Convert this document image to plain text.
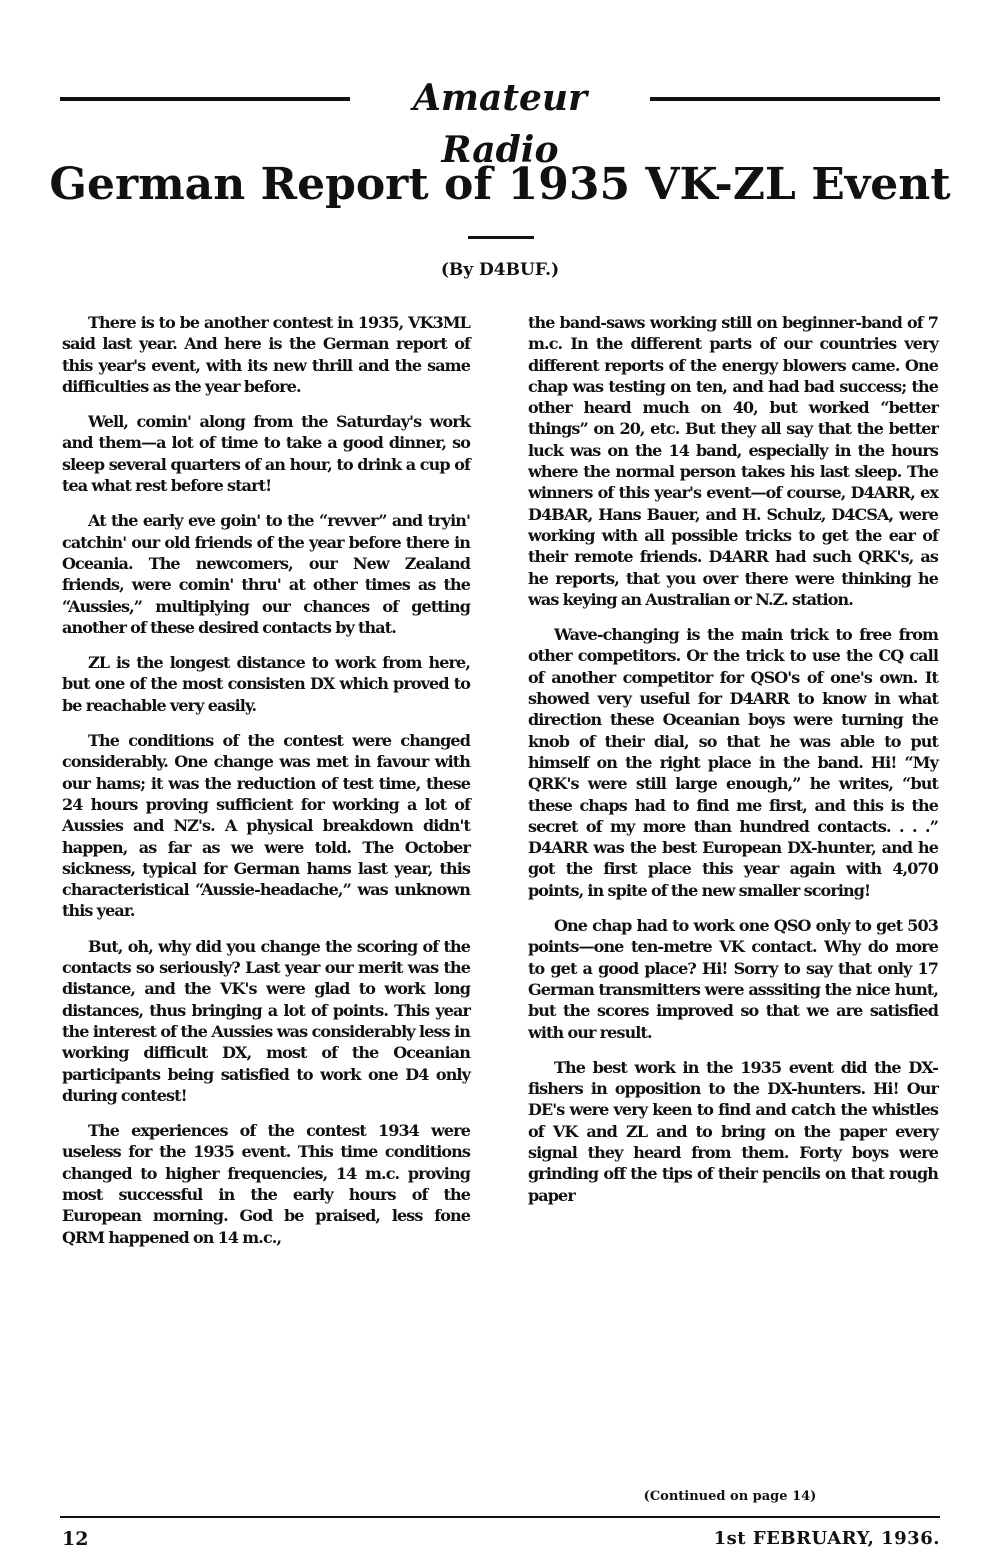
Amateur Radio
German Report of 1935 VK-ZL Event
(By D4BUF.)

There is to be another contest in 1935, VK3ML said last year. And here is the German report of this year's event, with its new thrill and the same difficulties as the year before.

Well, comin' along from the Saturday's work and them—a lot of time to take a good dinner, so sleep several quarters of an hour, to drink a cup of tea what rest before start!

At the early eve goin' to the “revver” and tryin' catchin' our old friends of the year before there in Oceania. The newcomers, our New Zealand friends, were comin' thru' at other times as the “Aussies,” multiplying our chances of getting another of these desired contacts by that.

ZL is the longest distance to work from here, but one of the most consisten DX which proved to be reachable very easily.

The conditions of the contest were changed considerably. One change was met in favour with our hams; it was the reduction of test time, these 24 hours proving sufficient for working a lot of Aussies and NZ's. A physical breakdown didn't happen, as far as we were told. The October sickness, typical for German hams last year, this characteristical “Aussie-headache,” was unknown this year.

But, oh, why did you change the scoring of the contacts so seriously? Last year our merit was the distance, and the VK's were glad to work long distances, thus bringing a lot of points. This year the interest of the Aussies was considerably less in working difficult DX, most of the Oceanian participants being satisfied to work one D4 only during contest!

The experiences of the contest 1934 were useless for the 1935 event. This time conditions changed to higher frequencies, 14 m.c. proving most successful in the early hours of the European morning. God be praised, less fone QRM happened on 14 m.c.,

the band-saws working still on beginner-band of 7 m.c. In the different parts of our countries very different reports of the energy blowers came. One chap was testing on ten, and had bad success; the other heard much on 40, but worked “better things” on 20, etc. But they all say that the better luck was on the 14 band, especially in the hours where the normal person takes his last sleep. The winners of this year's event—of course, D4ARR, ex D4BAR, Hans Bauer, and H. Schulz, D4CSA, were working with all possible tricks to get the ear of their remote friends. D4ARR had such QRK's, as he reports, that you over there were thinking he was keying an Australian or N.Z. station.

Wave-changing is the main trick to free from other competitors. Or the trick to use the CQ call of another competitor for QSO's of one's own. It showed very useful for D4ARR to know in what direction these Oceanian boys were turning the knob of their dial, so that he was able to put himself on the right place in the band. Hi! “My QRK's were still large enough,” he writes, “but these chaps had to find me first, and this is the secret of my more than hundred contacts. . . .” D4ARR was the best European DX-hunter, and he got the first place this year again with 4,070 points, in spite of the new smaller scoring!

One chap had to work one QSO only to get 503 points—one ten-metre VK contact. Why do more to get a good place? Hi! Sorry to say that only 17 German transmitters were asssiting the nice hunt, but the scores improved so that we are satisfied with our result.

The best work in the 1935 event did the DX-fishers in opposition to the DX-hunters. Hi! Our DE's were very keen to find and catch the whistles of VK and ZL and to bring on the paper every signal they heard from them. Forty boys were grinding off the tips of their pencils on that rough paper

(Continued on page 14)
12	1st FEBRUARY, 1936.
